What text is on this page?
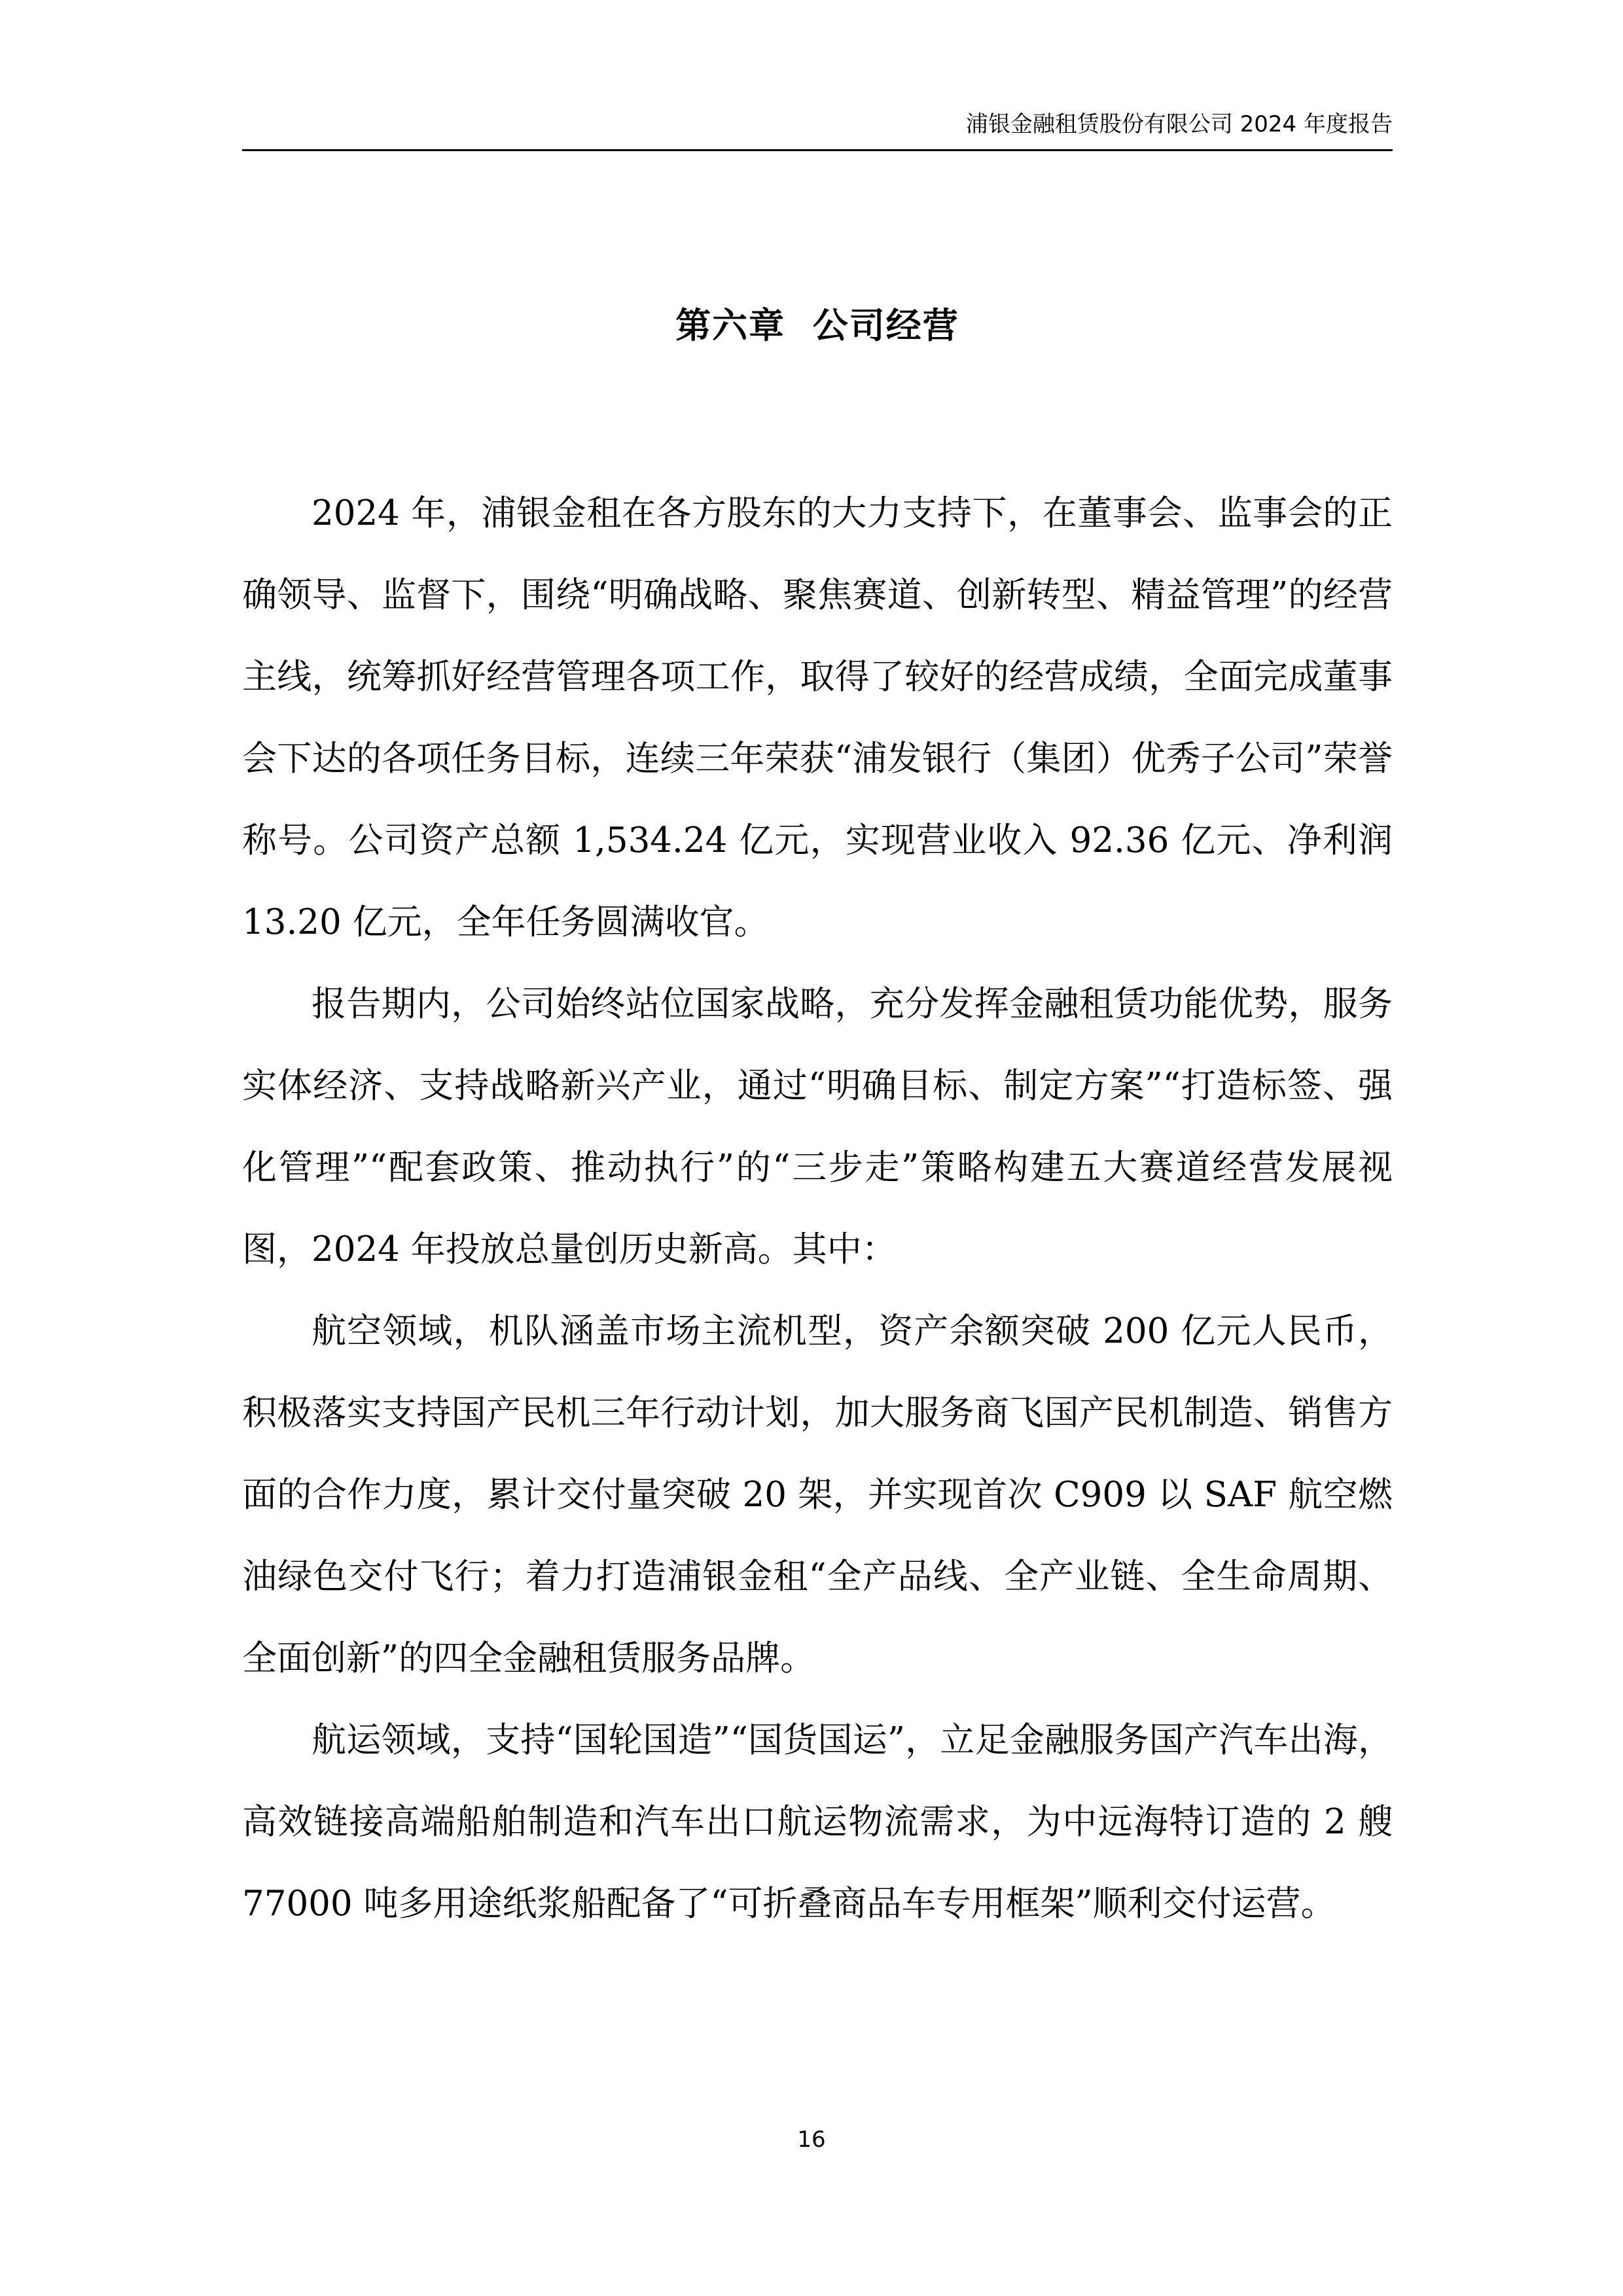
浦银金融租赁股份有限公司 2024 年度报告
第六章  公司经营

2024 年，浦银金租在各方股东的大力支持下，在董事会、监事会的正确领导、监督下，围绕“明确战略、聚焦赛道、创新转型、精益管理”的经营主线，统筹抓好经营管理各项工作，取得了较好的经营成绩，全面完成董事会下达的各项任务目标，连续三年荣获“浦发银行（集团）优秀子公司”荣誉称号。公司资产总额 1,534.24 亿元，实现营业收入 92.36 亿元、净利润 13.20 亿元，全年任务圆满收官。

报告期内，公司始终站位国家战略，充分发挥金融租赁功能优势，服务实体经济、支持战略新兴产业，通过“明确目标、制定方案”“打造标签、强化管理”“配套政策、推动执行”的“三步走”策略构建五大赛道经营发展视图，2024 年投放总量创历史新高。其中：

航空领域，机队涵盖市场主流机型，资产余额突破 200 亿元人民币，积极落实支持国产民机三年行动计划，加大服务商飞国产民机制造、销售方面的合作力度，累计交付量突破 20 架，并实现首次 C909 以 SAF 航空燃油绿色交付飞行；着力打造浦银金租“全产品线、全产业链、全生命周期、全面创新”的四全金融租赁服务品牌。

航运领域，支持“国轮国造”“国货国运”，立足金融服务国产汽车出海，高效链接高端船舶制造和汽车出口航运物流需求，为中远海特订造的 2 艘 77000 吨多用途纸浆船配备了“可折叠商品车专用框架”顺利交付运营。

16
